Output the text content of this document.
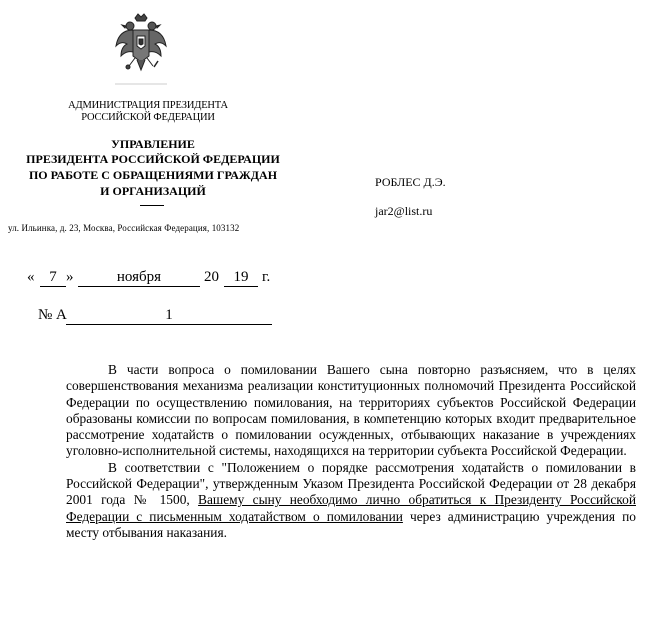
АДМИНИСТРАЦИЯ ПРЕЗИДЕНТА
РОССИЙСКОЙ ФЕДЕРАЦИИ
УПРАВЛЕНИЕ
ПРЕЗИДЕНТА РОССИЙСКОЙ ФЕДЕРАЦИИ
ПО РАБОТЕ С ОБРАЩЕНИЯМИ ГРАЖДАН
И ОРГАНИЗАЦИЙ
ул. Ильинка, д. 23, Москва, Российская Федерация, 103132
РОБЛЕС Д.Э.
jar2@list.ru
« 7 »	ноября	20 19 г.
№ А	1

В части вопроса о помиловании Вашего сына повторно разъясняем, что в целях совершенствования механизма реализации конституционных полномочий Президента Российской Федерации по осуществлению помилования, на территориях субъектов Российской Федерации образованы комиссии по вопросам помилования, в компетенцию которых входит предварительное рассмотрение ходатайств о помиловании осужденных, отбывающих наказание в учреждениях уголовно-исполнительной системы, находящихся на территории субъекта Российской Федерации.

В соответствии с "Положением о порядке рассмотрения ходатайств о помиловании в Российской Федерации", утвержденным Указом Президента Российской Федерации от 28 декабря 2001 года № 1500, Вашему сыну необходимо лично обратиться к Президенту Российской Федерации с письменным ходатайством о помиловании через администрацию учреждения по месту отбывания наказания.
